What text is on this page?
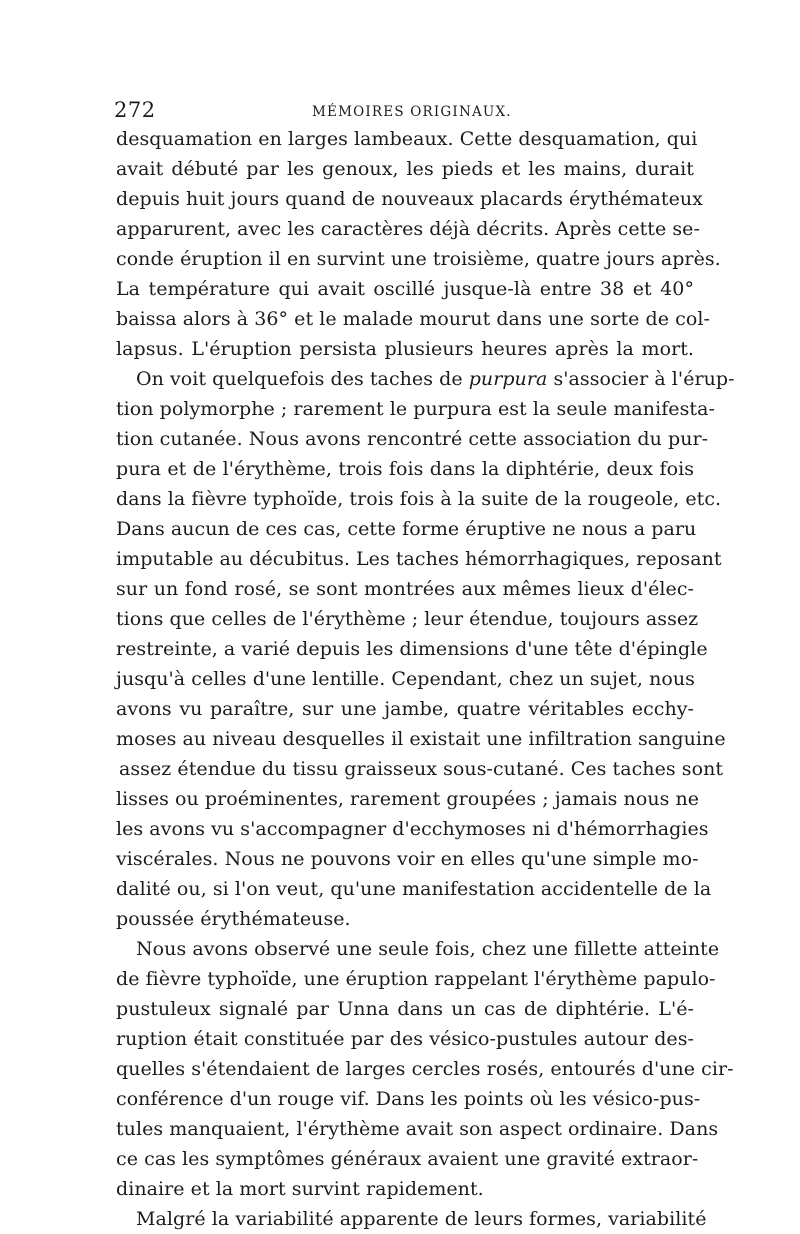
272	MÉMOIRES ORIGINAUX.
desquamation en larges lambeaux. Cette desquamation, qui
avait débuté par les genoux, les pieds et les mains, durait
depuis huit jours quand de nouveaux placards érythémateux
apparurent, avec les caractères déjà décrits. Après cette se-
conde éruption il en survint une troisième, quatre jours après.
La température qui avait oscillé jusque-là entre 38 et 40°
baissa alors à 36° et le malade mourut dans une sorte de col-
lapsus. L'éruption persista plusieurs heures après la mort.
On voit quelquefois des taches de purpura s'associer à l'érup-
tion polymorphe ; rarement le purpura est la seule manifesta-
tion cutanée. Nous avons rencontré cette association du pur-
pura et de l'érythème, trois fois dans la diphtérie, deux fois
dans la fièvre typhoïde, trois fois à la suite de la rougeole, etc.
Dans aucun de ces cas, cette forme éruptive ne nous a paru
imputable au décubitus. Les taches hémorrhagiques, reposant
sur un fond rosé, se sont montrées aux mêmes lieux d'élec-
tions que celles de l'érythème ; leur étendue, toujours assez
restreinte, a varié depuis les dimensions d'une tête d'épingle
jusqu'à celles d'une lentille. Cependant, chez un sujet, nous
avons vu paraître, sur une jambe, quatre véritables ecchy-
moses au niveau desquelles il existait une infiltration sanguine
assez étendue du tissu graisseux sous-cutané. Ces taches sont
lisses ou proéminentes, rarement groupées ; jamais nous ne
les avons vu s'accompagner d'ecchymoses ni d'hémorrhagies
viscérales. Nous ne pouvons voir en elles qu'une simple mo-
dalité ou, si l'on veut, qu'une manifestation accidentelle de la
poussée érythémateuse.
Nous avons observé une seule fois, chez une fillette atteinte
de fièvre typhoïde, une éruption rappelant l'érythème papulo-
pustuleux signalé par Unna dans un cas de diphtérie. L'é-
ruption était constituée par des vésico-pustules autour des-
quelles s'étendaient de larges cercles rosés, entourés d'une cir-
conférence d'un rouge vif. Dans les points où les vésico-pus-
tules manquaient, l'érythème avait son aspect ordinaire. Dans
ce cas les symptômes généraux avaient une gravité extraor-
dinaire et la mort survint rapidement.
Malgré la variabilité apparente de leurs formes, variabilité
